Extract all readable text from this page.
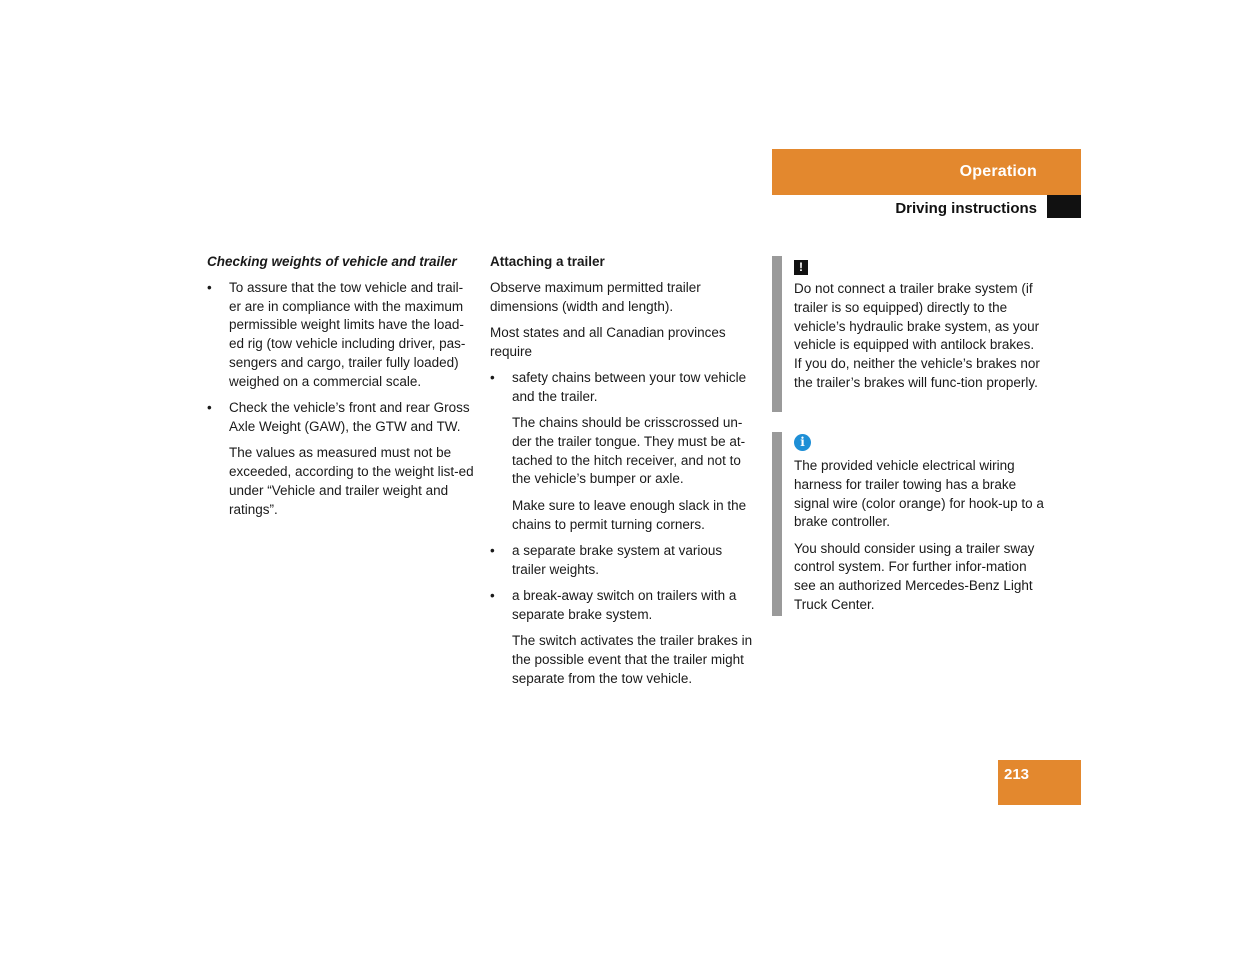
Operation
Driving instructions
Checking weights of vehicle and trailer
• To assure that the tow vehicle and trail-er are in compliance with the maximum permissible weight limits have the load-ed rig (tow vehicle including driver, pas-sengers and cargo, trailer fully loaded) weighed on a commercial scale.
• Check the vehicle’s front and rear Gross Axle Weight (GAW), the GTW and TW.
The values as measured must not be exceeded, according to the weight list-ed under “Vehicle and trailer weight and ratings”.
Attaching a trailer

Observe maximum permitted trailer dimensions (width and length).

Most states and all Canadian provinces require

• safety chains between your tow vehicle and the trailer.
The chains should be crisscrossed un-der the trailer tongue. They must be at-tached to the hitch receiver, and not to the vehicle’s bumper or axle.
Make sure to leave enough slack in the chains to permit turning corners.
• a separate brake system at various trailer weights.
• a break-away switch on trailers with a separate brake system.
The switch activates the trailer brakes in the possible event that the trailer might separate from the tow vehicle.
!

Do not connect a trailer brake system (if trailer is so equipped) directly to the vehicle’s hydraulic brake system, as your vehicle is equipped with antilock brakes. If you do, neither the vehicle’s brakes nor the trailer’s brakes will func-tion properly.

i

The provided vehicle electrical wiring harness for trailer towing has a brake signal wire (color orange) for hook-up to a brake controller.

You should consider using a trailer sway control system. For further infor-mation see an authorized Mercedes-Benz Light Truck Center.

213
